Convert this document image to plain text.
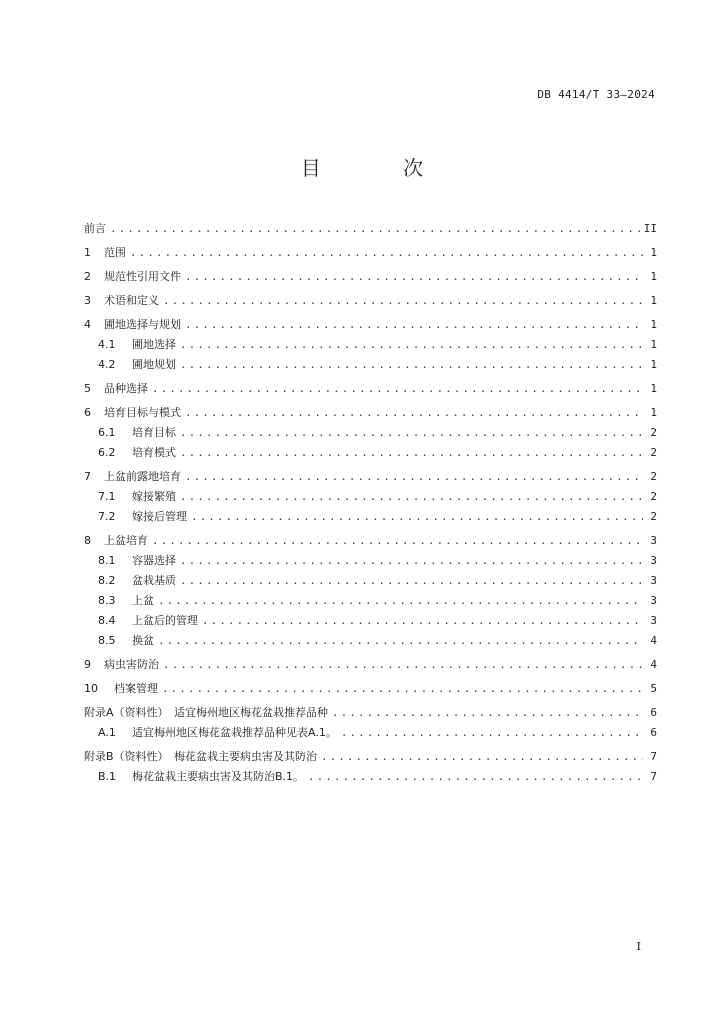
DB 4414/T 33—2024
目 次
前言 .....	II
1	范围 .....	1
2	规范性引用文件 .....	1
3	术语和定义 .....	1
4	圃地选择与规划 .....	1
4.1	圃地选择 .....	1
4.2	圃地规划 .....	1
5	品种选择 .....	1
6	培育目标与模式 .....	1
6.1	培育目标 .....	2
6.2	培育模式 .....	2
7	上盆前露地培育 .....	2
7.1	嫁接繁殖 .....	2
7.2	嫁接后管理 .....	2
8	上盆培育 .....	3
8.1	容器选择 .....	3
8.2	盆栽基质 .....	3
8.3	上盆 .....	3
8.4	上盆后的管理 .....	3
8.5	换盆 .....	4
9	病虫害防治 .....	4
10	档案管理 .....	5
附录A（资料性）　适宜梅州地区梅花盆栽推荐品种 .....	6
A.1	适宜梅州地区梅花盆栽推荐品种见表A.1。 .....	6
附录B（资料性）　梅花盆栽主要病虫害及其防治 .....	7
B.1	梅花盆栽主要病虫害及其防治B.1。 .....	7
I
